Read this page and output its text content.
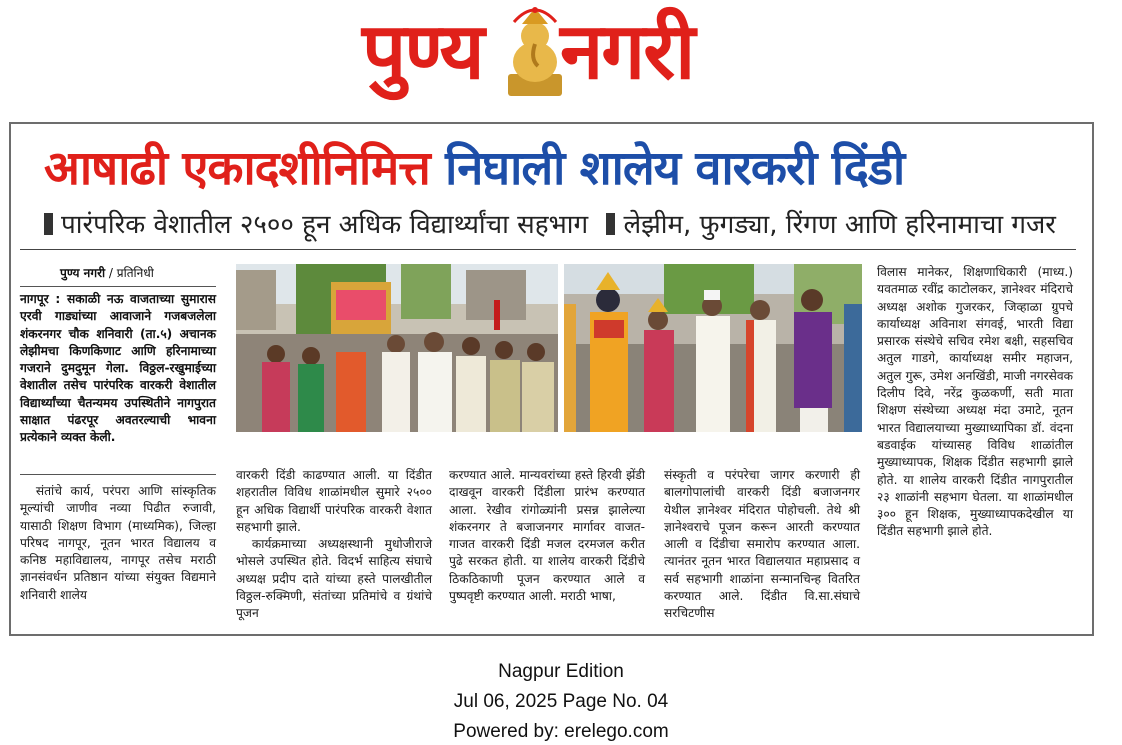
पुण्य नगरी
आषाढी एकादशीनिमित्त निघाली शालेय वारकरी दिंडी
पारंपरिक वेशातील २५०० हून अधिक विद्यार्थ्यांचा सहभाग लेझीम, फुगड्या, रिंगण आणि हरिनामाचा गजर
पुण्य नगरी / प्रतिनिधी
नागपूर : सकाळी नऊ वाजताच्या सुमारास एरवी गाड्यांच्या आवाजाने गजबजलेला शंकरनगर चौक शनिवारी (ता.५) अचानक लेझीमचा किणकिणाट आणि हरिनामाच्या गजराने दुमदुमून गेला. विठ्ठल-रखुमाईच्या वेशातील तसेच पारंपरिक वारकरी वेशातील विद्यार्थ्यांच्या चैतन्यमय उपस्थितीने नागपुरात साक्षात पंढरपूर अवतरल्याची भावना प्रत्येकाने व्यक्त केली.

संतांचे कार्य, परंपरा आणि सांस्कृतिक मूल्यांची जाणीव नव्या पिढीत रुजावी, यासाठी शिक्षण विभाग (माध्यमिक), जिल्हा परिषद नागपूर, नूतन भारत विद्यालय व कनिष्ठ महाविद्यालय, नागपूर तसेच मराठी ज्ञानसंवर्धन प्रतिष्ठान यांच्या संयुक्त विद्यमाने शनिवारी शालेय

वारकरी दिंडी काढण्यात आली. या दिंडीत शहरातील विविध शाळांमधील सुमारे २५०० हून अधिक विद्यार्थी पारंपरिक वारकरी वेशात सहभागी झाले.

कार्यक्रमाच्या अध्यक्षस्थानी मुधोजीराजे भोसले उपस्थित होते. विदर्भ साहित्य संघाचे अध्यक्ष प्रदीप दाते यांच्या हस्ते पालखीतील विठ्ठल-रुक्मिणी, संतांच्या प्रतिमांचे व ग्रंथांचे पूजन

करण्यात आले. मान्यवरांच्या हस्ते हिरवी झेंडी दाखवून वारकरी दिंडीला प्रारंभ करण्यात आला. रेखीव रांगोळ्यांनी प्रसन्न झालेल्या शंकरनगर ते बजाजनगर मार्गावर वाजत-गाजत वारकरी दिंडी मजल दरमजल करीत पुढे सरकत होती. या शालेय वारकरी दिंडीचे ठिकठिकाणी पूजन करण्यात आले व पुष्पवृष्टी करण्यात आली. मराठी भाषा,

संस्कृती व परंपरेचा जागर करणारी ही बालगोपालांची वारकरी दिंडी बजाजनगर येथील ज्ञानेश्वर मंदिरात पोहोचली. तेथे श्री ज्ञानेश्वराचे पूजन करून आरती करण्यात आली व दिंडीचा समारोप करण्यात आला. त्यानंतर नूतन भारत विद्यालयात महाप्रसाद व सर्व सहभागी शाळांना सन्मानचिन्ह वितरित करण्यात आले. दिंडीत वि.सा.संघाचे सरचिटणीस

विलास मानेकर, शिक्षणाधिकारी (माध्य.) यवतमाळ रवींद्र काटोलकर, ज्ञानेश्वर मंदिराचे अध्यक्ष अशोक गुजरकर, जिव्हाळा ग्रुपचे कार्याध्यक्ष अविनाश संगवई, भारती विद्या प्रसारक संस्थेचे सचिव रमेश बक्षी, सहसचिव अतुल गाडगे, कार्याध्यक्ष समीर महाजन, अतुल गुरू, उमेश अनखिंडी, माजी नगरसेवक दिलीप दिवे, नरेंद्र कुळकर्णी, सती माता शिक्षण संस्थेच्या अध्यक्ष मंदा उमाटे, नूतन भारत विद्यालयाच्या मुख्याध्यापिका डॉ. वंदना बडवाईक यांच्यासह विविध शाळांतील मुख्याध्यापक, शिक्षक दिंडीत सहभागी झाले होते. या शालेय वारकरी दिंडीत नागपुरातील २३ शाळांनी सहभाग घेतला. या शाळांमधील ३०० हून शिक्षक, मुख्याध्यापकदेखील या दिंडीत सहभागी झाले होते.

Nagpur Edition
Jul 06, 2025 Page No. 04
Powered by: erelego.com
